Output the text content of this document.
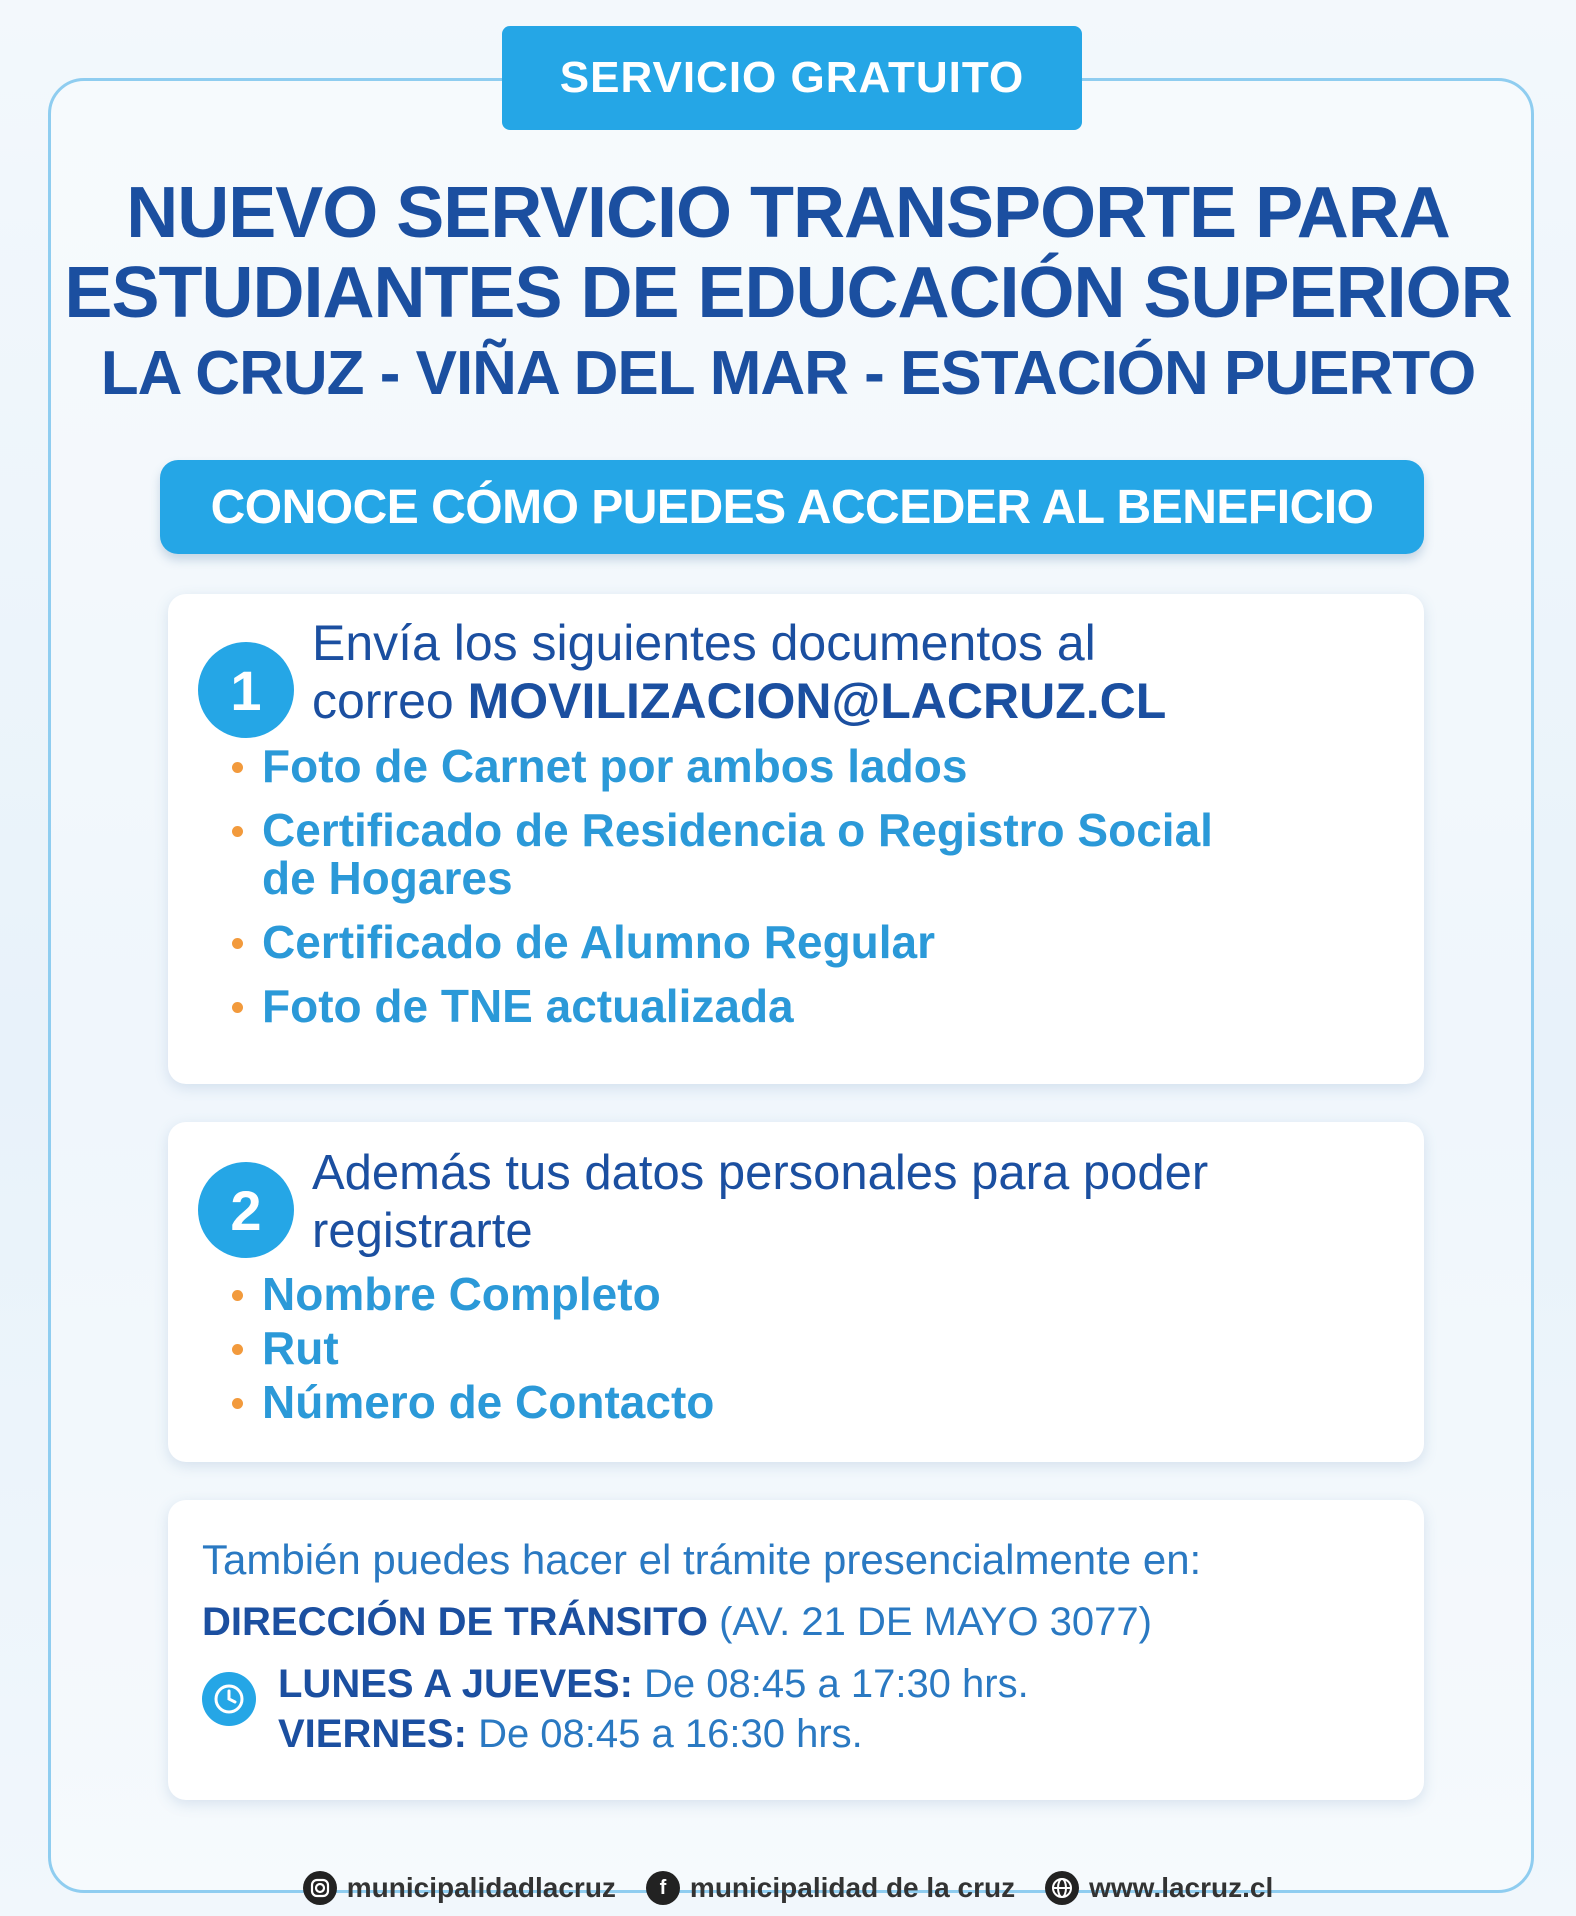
SERVICIO GRATUITO
NUEVO SERVICIO TRANSPORTE PARA
ESTUDIANTES DE EDUCACIÓN SUPERIOR
LA CRUZ - VIÑA DEL MAR - ESTACIÓN PUERTO
CONOCE CÓMO PUEDES ACCEDER AL BENEFICIO
1
Envía los siguientes documentos al
correo MOVILIZACION@LACRUZ.CL
Foto de Carnet por ambos lados
Certificado de Residencia o Registro Social de Hogares
Certificado de Alumno Regular
Foto de TNE actualizada
2
Además tus datos personales para poder
registrarte
Nombre Completo
Rut
Número de Contacto
También puedes hacer el trámite presencialmente en:
DIRECCIÓN DE TRÁNSITO (AV. 21 DE MAYO 3077)
LUNES A JUEVES: De 08:45 a 17:30 hrs.
VIERNES: De 08:45 a 16:30 hrs.
municipalidadlacruz	f municipalidad de la cruz	www.lacruz.cl
